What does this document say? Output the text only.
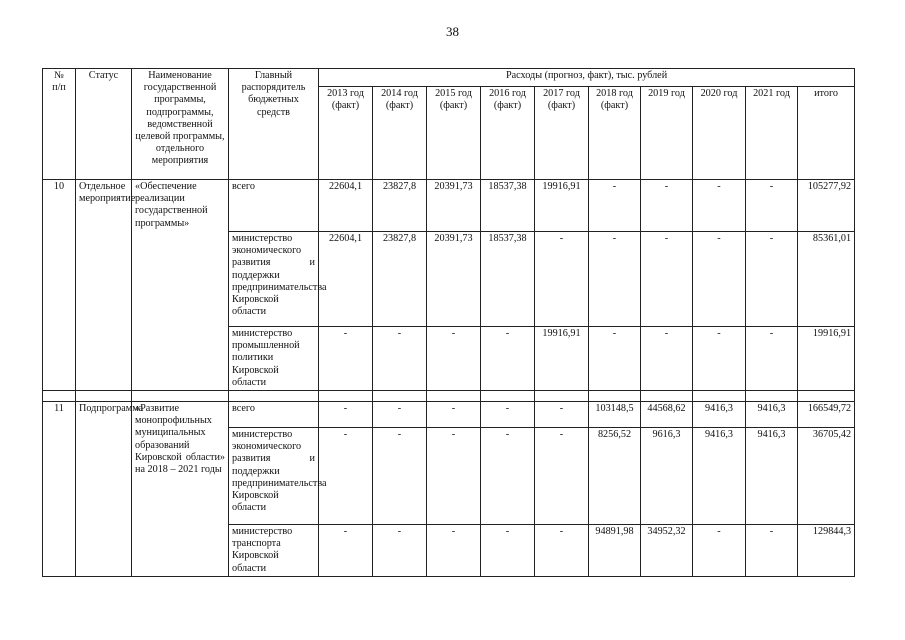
38
№
п/п	Статус	Наименование государственной программы, подпрограммы, ведомственной целевой программы, отдельного мероприятия	Главный распорядитель бюджетных средств	Расходы (прогноз, факт), тыс. рублей									
				2013 год (факт)	2014 год (факт)	2015 год (факт)	2016 год (факт)	2017 год (факт)	2018 год (факт)	2019 год	2020 год	2021 год	итого
10	Отдельное мероприятие	«Обеспечение реализации государственной программы»	всего	22604,1	23827,8	20391,73	18537,38	19916,91	-	-	-	-	105277,92
			министерство экономического развития и поддержки предпринимательства Кировской области	22604,1	23827,8	20391,73	18537,38	-	-	-	-	-	85361,01
			министерство промышленной политики Кировской области	-	-	-	-	19916,91	-	-	-	-	19916,91

11	Подпрограмма	«Развитие монопрофильных муниципальных образований Кировской области» на 2018 – 2021 годы	всего	-	-	-	-	-	103148,5	44568,62	9416,3	9416,3	166549,72
			министерство экономического развития и поддержки предпринимательства Кировской области	-	-	-	-	-	8256,52	9616,3	9416,3	9416,3	36705,42
			министерство транспорта Кировской области	-	-	-	-	-	94891,98	34952,32	-	-	129844,3
